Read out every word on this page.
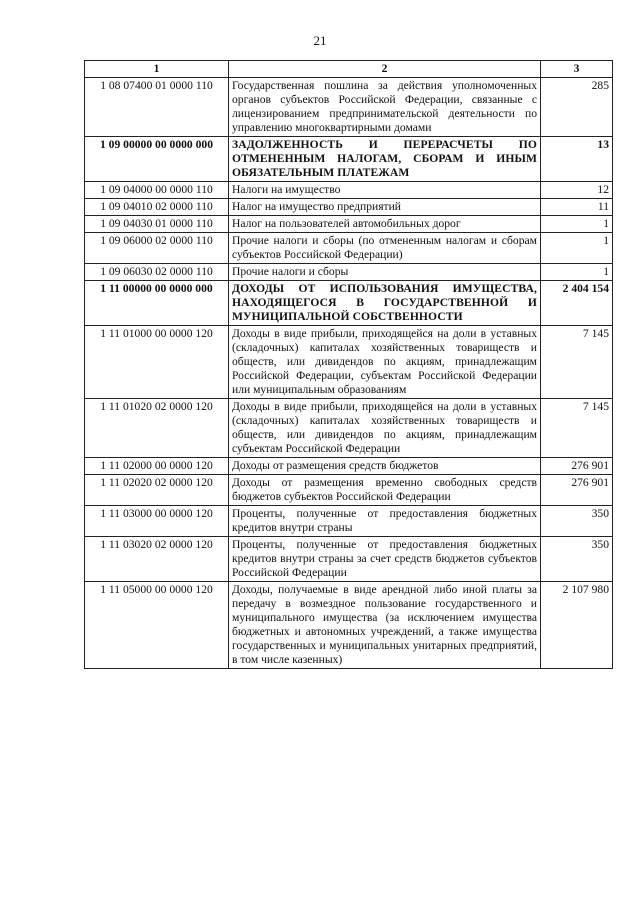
21
1	2	3
1 08 07400 01 0000 110	Государственная пошлина за действия уполномоченных органов субъектов Российской Федерации, связанные с лицензированием предпринимательской деятельности по управлению многоквартирными домами	285
1 09 00000 00 0000 000	ЗАДОЛЖЕННОСТЬ И ПЕРЕРАСЧЕТЫ ПО ОТМЕНЕННЫМ НАЛОГАМ, СБОРАМ И ИНЫМ ОБЯЗАТЕЛЬНЫМ ПЛАТЕЖАМ	13
1 09 04000 00 0000 110	Налоги на имущество	12
1 09 04010 02 0000 110	Налог на имущество предприятий	11
1 09 04030 01 0000 110	Налог на пользователей автомобильных дорог	1
1 09 06000 02 0000 110	Прочие налоги и сборы (по отмененным налогам и сборам субъектов Российской Федерации)	1
1 09 06030 02 0000 110	Прочие налоги и сборы	1
1 11 00000 00 0000 000	ДОХОДЫ ОТ ИСПОЛЬЗОВАНИЯ ИМУЩЕСТВА, НАХОДЯЩЕГОСЯ В ГОСУДАРСТВЕННОЙ И МУНИЦИПАЛЬНОЙ СОБСТВЕННОСТИ	2 404 154
1 11 01000 00 0000 120	Доходы в виде прибыли, приходящейся на доли в уставных (складочных) капиталах хозяйственных товариществ и обществ, или дивидендов по акциям, принадлежащим Российской Федерации, субъектам Российской Федерации или муниципальным образованиям	7 145
1 11 01020 02 0000 120	Доходы в виде прибыли, приходящейся на доли в уставных (складочных) капиталах хозяйственных товариществ и обществ, или дивидендов по акциям, принадлежащим субъектам Российской Федерации	7 145
1 11 02000 00 0000 120	Доходы от размещения средств бюджетов	276 901
1 11 02020 02 0000 120	Доходы от размещения временно свободных средств бюджетов субъектов Российской Федерации	276 901
1 11 03000 00 0000 120	Проценты, полученные от предоставления бюджетных кредитов внутри страны	350
1 11 03020 02 0000 120	Проценты, полученные от предоставления бюджетных кредитов внутри страны за счет средств бюджетов субъектов Российской Федерации	350
1 11 05000 00 0000 120	Доходы, получаемые в виде арендной либо иной платы за передачу в возмездное пользование государственного и муниципального имущества (за исключением имущества бюджетных и автономных учреждений, а также имущества государственных и муниципальных унитарных предприятий, в том числе казенных)	2 107 980
